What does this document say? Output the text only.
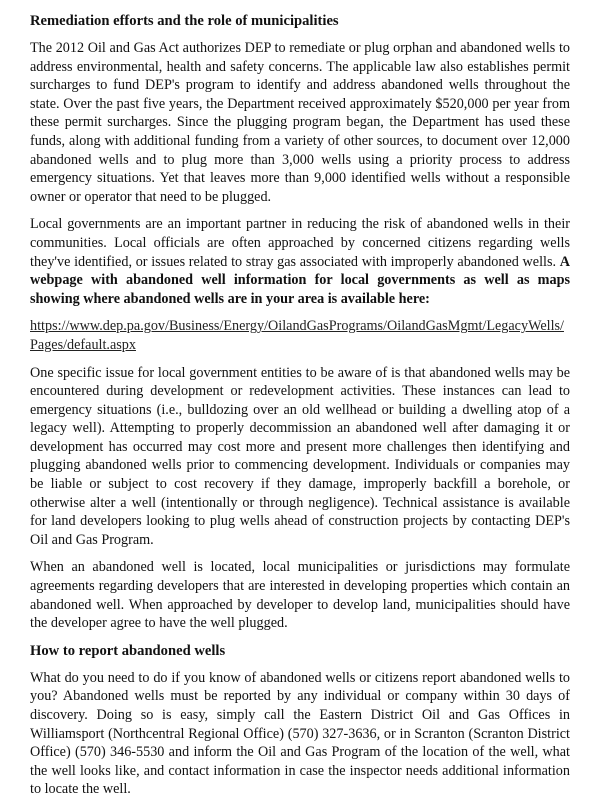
Remediation efforts and the role of municipalities

The 2012 Oil and Gas Act authorizes DEP to remediate or plug orphan and abandoned wells to address environmental, health and safety concerns. The applicable law also establishes permit surcharges to fund DEP's program to identify and address abandoned wells throughout the state. Over the past five years, the Department received approximately $520,000 per year from these permit surcharges. Since the plugging program began, the Department has used these funds, along with additional funding from a variety of other sources, to document over 12,000 abandoned wells and to plug more than 3,000 wells using a priority process to address emergency situations. Yet that leaves more than 9,000 identified wells without a responsible owner or operator that need to be plugged.

Local governments are an important partner in reducing the risk of abandoned wells in their communities. Local officials are often approached by concerned citizens regarding wells they've identified, or issues related to stray gas associated with improperly abandoned wells. A webpage with abandoned well information for local governments as well as maps showing where abandoned wells are in your area is available here:

https://www.dep.pa.gov/Business/Energy/OilandGasPrograms/OilandGasMgmt/LegacyWells/Pages/default.aspx

One specific issue for local government entities to be aware of is that abandoned wells may be encountered during development or redevelopment activities. These instances can lead to emergency situations (i.e., bulldozing over an old wellhead or building a dwelling atop of a legacy well). Attempting to properly decommission an abandoned well after damaging it or development has occurred may cost more and present more challenges then identifying and plugging abandoned wells prior to commencing development. Individuals or companies may be liable or subject to cost recovery if they damage, improperly backfill a borehole, or otherwise alter a well (intentionally or through negligence). Technical assistance is available for land developers looking to plug wells ahead of construction projects by contacting DEP's Oil and Gas Program.

When an abandoned well is located, local municipalities or jurisdictions may formulate agreements regarding developers that are interested in developing properties which contain an abandoned well. When approached by developer to develop land, municipalities should have the developer agree to have the well plugged.

How to report abandoned wells

What do you need to do if you know of abandoned wells or citizens report abandoned wells to you? Abandoned wells must be reported by any individual or company within 30 days of discovery. Doing so is easy, simply call the Eastern District Oil and Gas Offices in Williamsport (Northcentral Regional Office) (570) 327-3636, or in Scranton (Scranton District Office) (570) 346-5530 and inform the Oil and Gas Program of the location of the well, what the well looks like, and contact information in case the inspector needs additional information to locate the well.
